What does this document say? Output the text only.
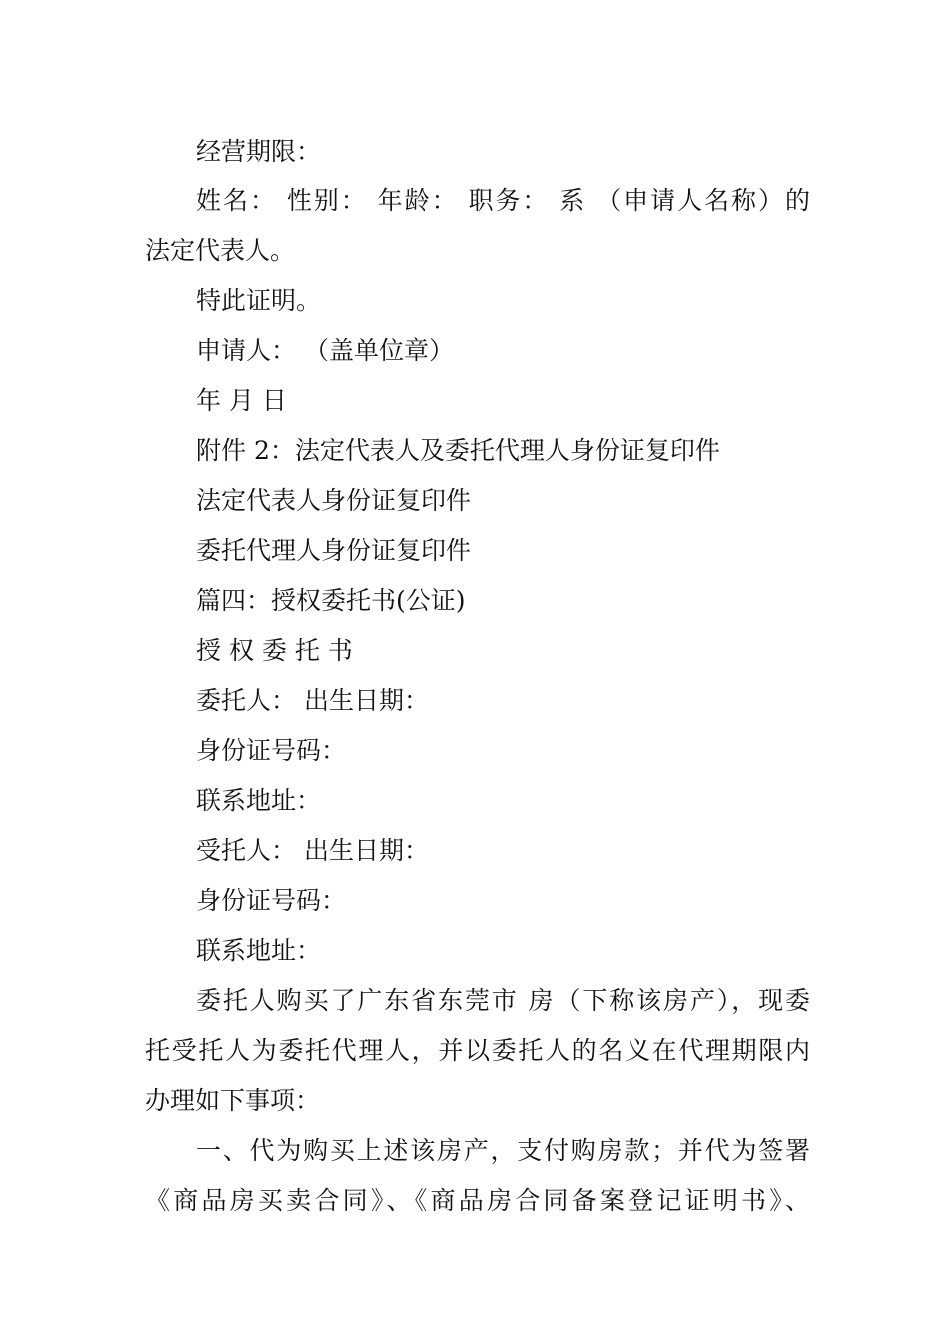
经营期限：
姓名： 性别： 年龄： 职务： 系 （申请人名称）的
法定代表人。
特此证明。
申请人： （盖单位章）
年 月 日
附件 2：法定代表人及委托代理人身份证复印件
法定代表人身份证复印件
委托代理人身份证复印件
篇四：授权委托书(公证)
授 权 委 托 书
委托人： 出生日期：
身份证号码：
联系地址：
受托人： 出生日期：
身份证号码：
联系地址：
委托人购买了广东省东莞市 房（下称该房产），现委
托受托人为委托代理人，并以委托人的名义在代理期限内
办理如下事项：
一、代为购买上述该房产，支付购房款；并代为签署
《商品房买卖合同》、《商品房合同备案登记证明书》、
